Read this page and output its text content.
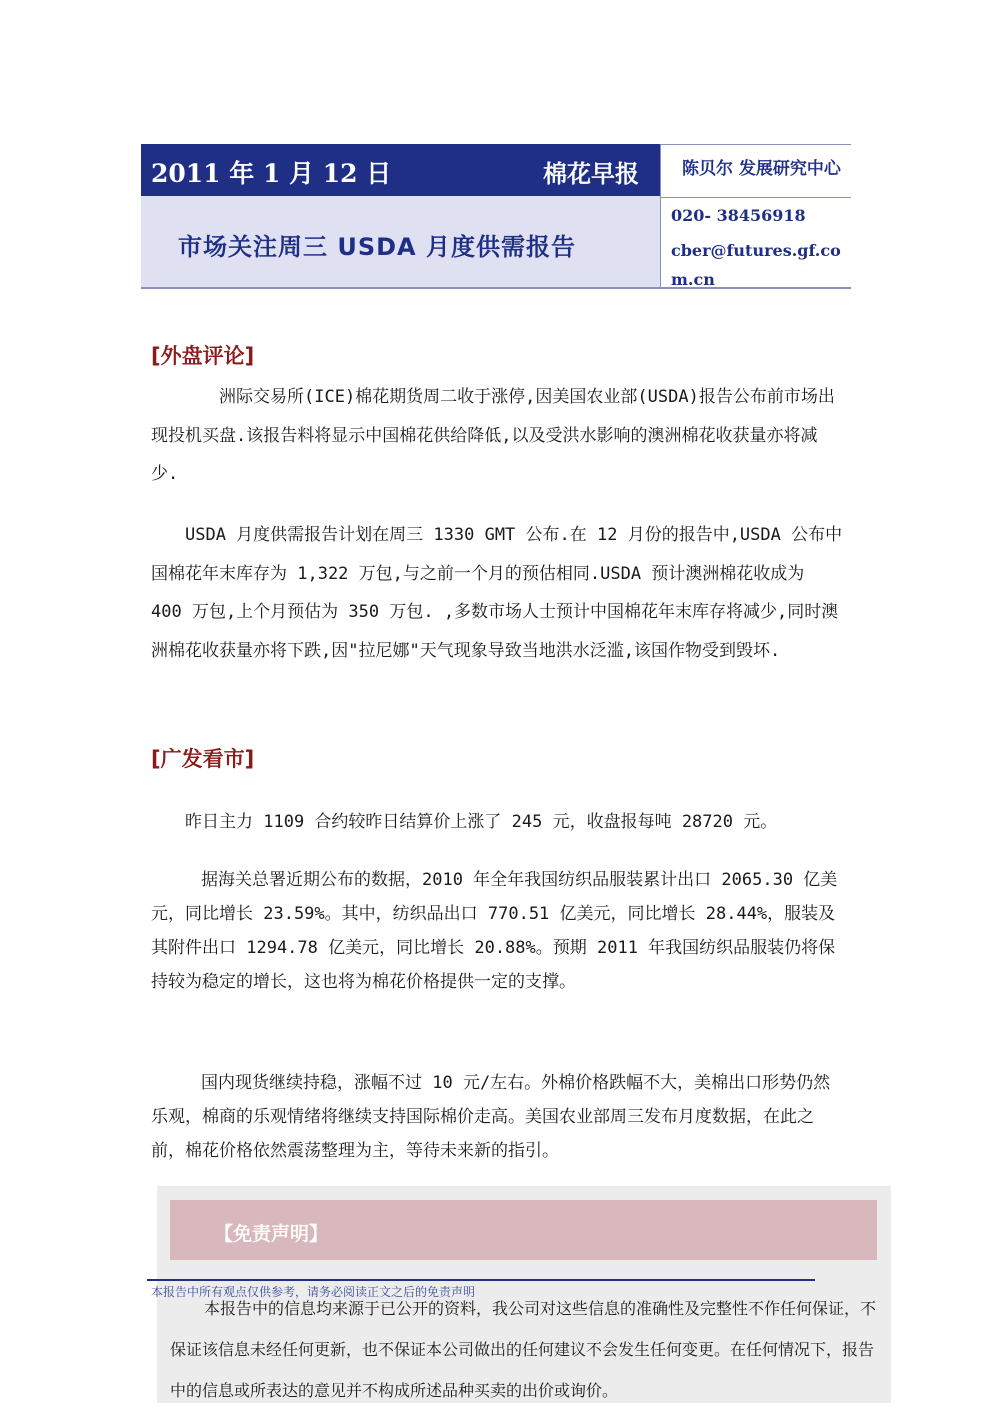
2011 年 1 月 12 日	棉花早报
市场关注周三 USDA 月度供需报告
陈贝尔 发展研究中心
020- 38456918
cber@futures.gf.com.cn
[外盘评论]
洲际交易所(ICE)棉花期货周二收于涨停,因美国农业部(USDA)报告公布前市场出现投机买盘.该报告料将显示中国棉花供给降低,以及受洪水影响的澳洲棉花收获量亦将减少.
USDA 月度供需报告计划在周三 1330 GMT 公布.在 12 月份的报告中,USDA 公布中国棉花年末库存为 1,322 万包,与之前一个月的预估相同.USDA 预计澳洲棉花收成为 400 万包,上个月预估为 350 万包. ,多数市场人士预计中国棉花年末库存将减少,同时澳洲棉花收获量亦将下跌,因"拉尼娜"天气现象导致当地洪水泛滥,该国作物受到毁坏.
[广发看市]
昨日主力 1109 合约较昨日结算价上涨了 245 元，收盘报每吨 28720 元。
据海关总署近期公布的数据，2010 年全年我国纺织品服装累计出口 2065.30 亿美元，同比增长 23.59%。其中，纺织品出口 770.51 亿美元，同比增长 28.44%，服装及其附件出口 1294.78 亿美元，同比增长 20.88%。预期 2011 年我国纺织品服装仍将保持较为稳定的增长，这也将为棉花价格提供一定的支撑。
国内现货继续持稳，涨幅不过 10 元/左右。外棉价格跌幅不大，美棉出口形势仍然乐观，棉商的乐观情绪将继续支持国际棉价走高。美国农业部周三发布月度数据，在此之前，棉花价格依然震荡整理为主，等待未来新的指引。
【免责声明】
本报告中所有观点仅供参考，请务必阅读正文之后的免责声明
本报告中的信息均来源于已公开的资料，我公司对这些信息的准确性及完整性不作任何保证，不保证该信息未经任何更新，也不保证本公司做出的任何建议不会发生任何变更。在任何情况下，报告中的信息或所表达的意见并不构成所述品种买卖的出价或询价。
